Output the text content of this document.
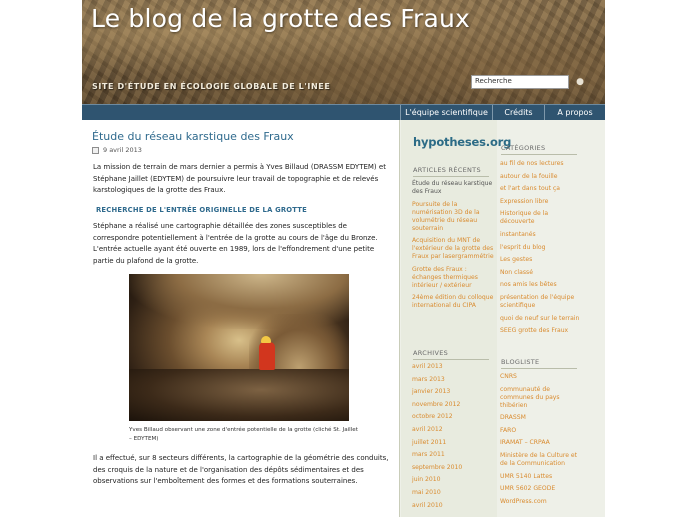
Le blog de la grotte des Fraux
SITE D'ÉTUDE EN ÉCOLOGIE GLOBALE DE L'INEE
Recherche	●
L'équipe scientifique	Crédits	A propos
Étude du réseau karstique des Fraux
9 avril 2013
La mission de terrain de mars dernier a permis à Yves Billaud (DRASSM EDYTEM) et Stéphane Jaillet (EDYTEM) de poursuivre leur travail de topographie et de relevés karstologiques de la grotte des Fraux.
RECHERCHE DE L'ENTRÉE ORIGINELLE DE LA GROTTE
Stéphane a réalisé une cartographie détaillée des zones susceptibles de correspondre potentiellement à l'entrée de la grotte au cours de l'âge du Bronze. L'entrée actuelle ayant été ouverte en 1989, lors de l'effondrement d'une petite partie du plafond de la grotte.
Yves Billaud observant une zone d'entrée potentielle de la grotte (cliché St. Jaillet – EDYTEM)
Il a effectué, sur 8 secteurs différents, la cartographie de la géométrie des conduits, des croquis de la nature et de l'organisation des dépôts sédimentaires et des observations sur l'emboîtement des formes et des formations souterraines.
hypotheses.org
ARTICLES RÉCENTS
Étude du réseau karstique des Fraux
Poursuite de la numérisation 3D de la volumétrie du réseau souterrain
Acquisition du MNT de l'extérieur de la grotte des Fraux par lasergrammétrie
Grotte des Fraux : échanges thermiques intérieur / extérieur
24ème édition du colloque international du CIPA
ARCHIVES
avril 2013
mars 2013
janvier 2013
novembre 2012
octobre 2012
avril 2012
juillet 2011
mars 2011
septembre 2010
juin 2010
mai 2010
avril 2010
CATÉGORIES
au fil de nos lectures
autour de la fouille
et l'art dans tout ça
Expression libre
Historique de la découverte
instantanés
l'esprit du blog
Les gestes
Non classé
nos amis les bêtes
présentation de l'équipe scientifique
quoi de neuf sur le terrain
SEEG grotte des Fraux
BLOGLISTE
CNRS
communauté de communes du pays thibérien
DRASSM
FARO
IRAMAT – CRPAA
Ministère de la Culture et de la Communication
UMR 5140 Lattes
UMR 5602 GEODE
WordPress.com
